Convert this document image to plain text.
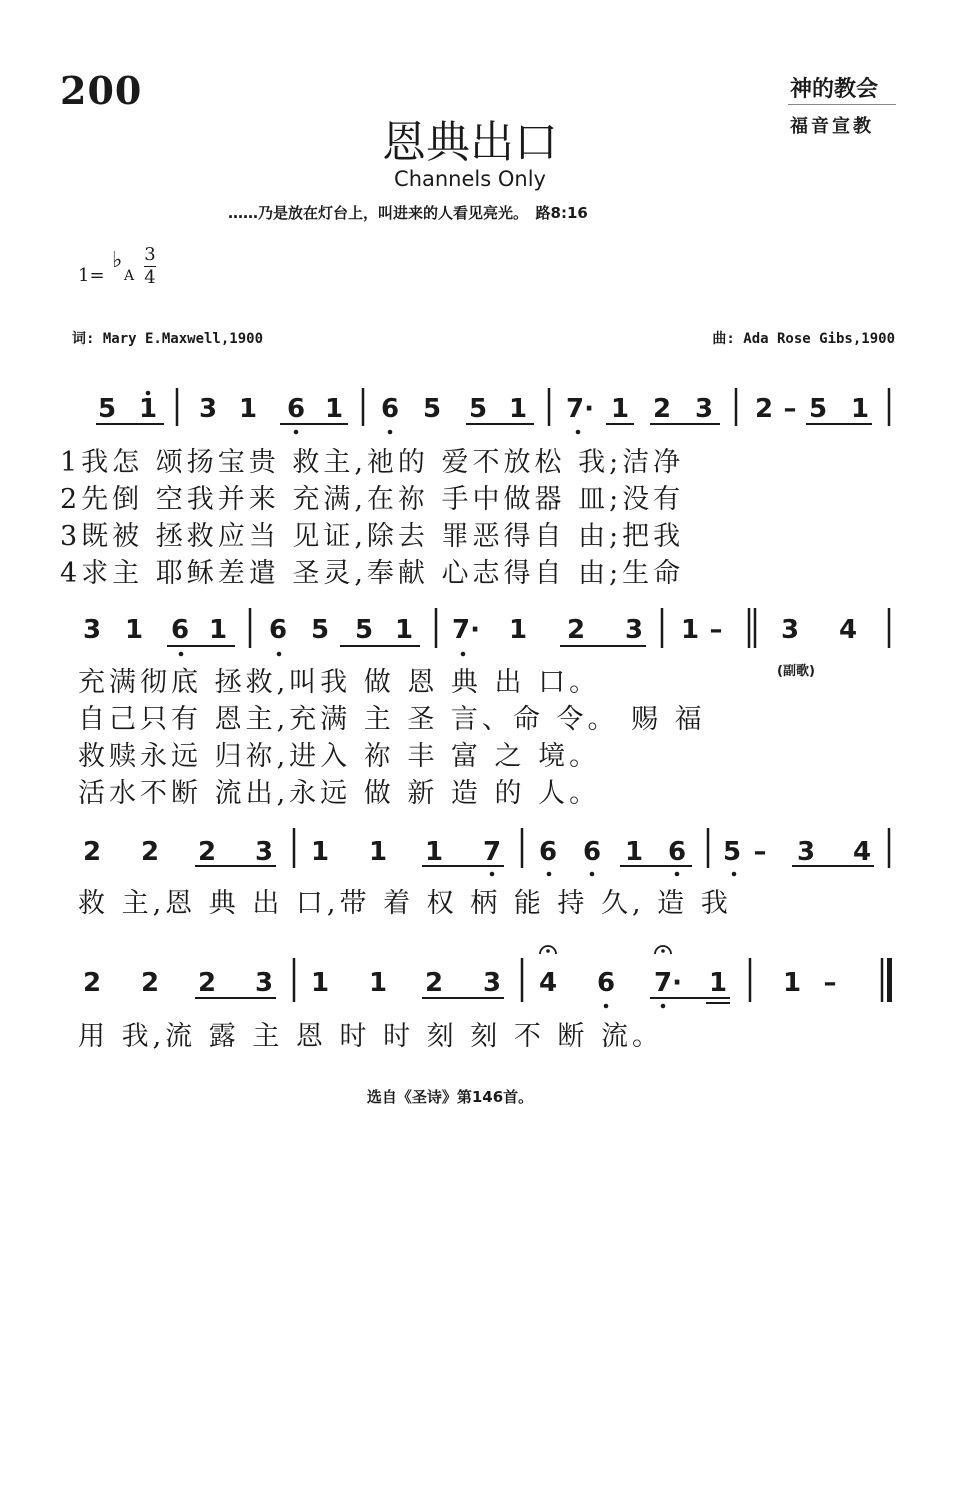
200	神的教会
福音宣教
恩典出口
Channels Only
……乃是放在灯台上，叫进来的人看见亮光。　路8:16
1=
♭
A
3
4
词: Mary E.Maxwell,1900	曲: Ada Rose Gibs,1900
5 1 3 1 6 1 6 5 5 1 7· 1 2 3 2 – 5 1
3 1 6 1 6 5 5 1 7· 1 2 3 1 – 3 4
2 2 2 3 1 1 1 7 6 6 1 6 5 – 3 4
2 2 2 3 1 1 2 3 4 6 7· 1 1 –
1我怎 颂扬宝贵 救主,祂的 爱不放松 我;洁净
2先倒 空我并来 充满,在祢 手中做器 皿;没有
3既被 拯救应当 见证,除去 罪恶得自 由;把我
4求主 耶稣差遣 圣灵,奉献 心志得自 由;生命
充满彻底 拯救,叫我 做 恩 典 出 口。	(副歌)
自己只有 恩主,充满 主 圣 言、命 令。 赐 福
救赎永远 归祢,进入 祢 丰 富 之 境。
活水不断 流出,永远 做 新 造 的 人。
救 主,恩 典 出 口,带 着 权 柄 能 持 久, 造 我
用 我,流 露 主 恩 时 时 刻 刻 不 断 流。
选自《圣诗》第146首。
